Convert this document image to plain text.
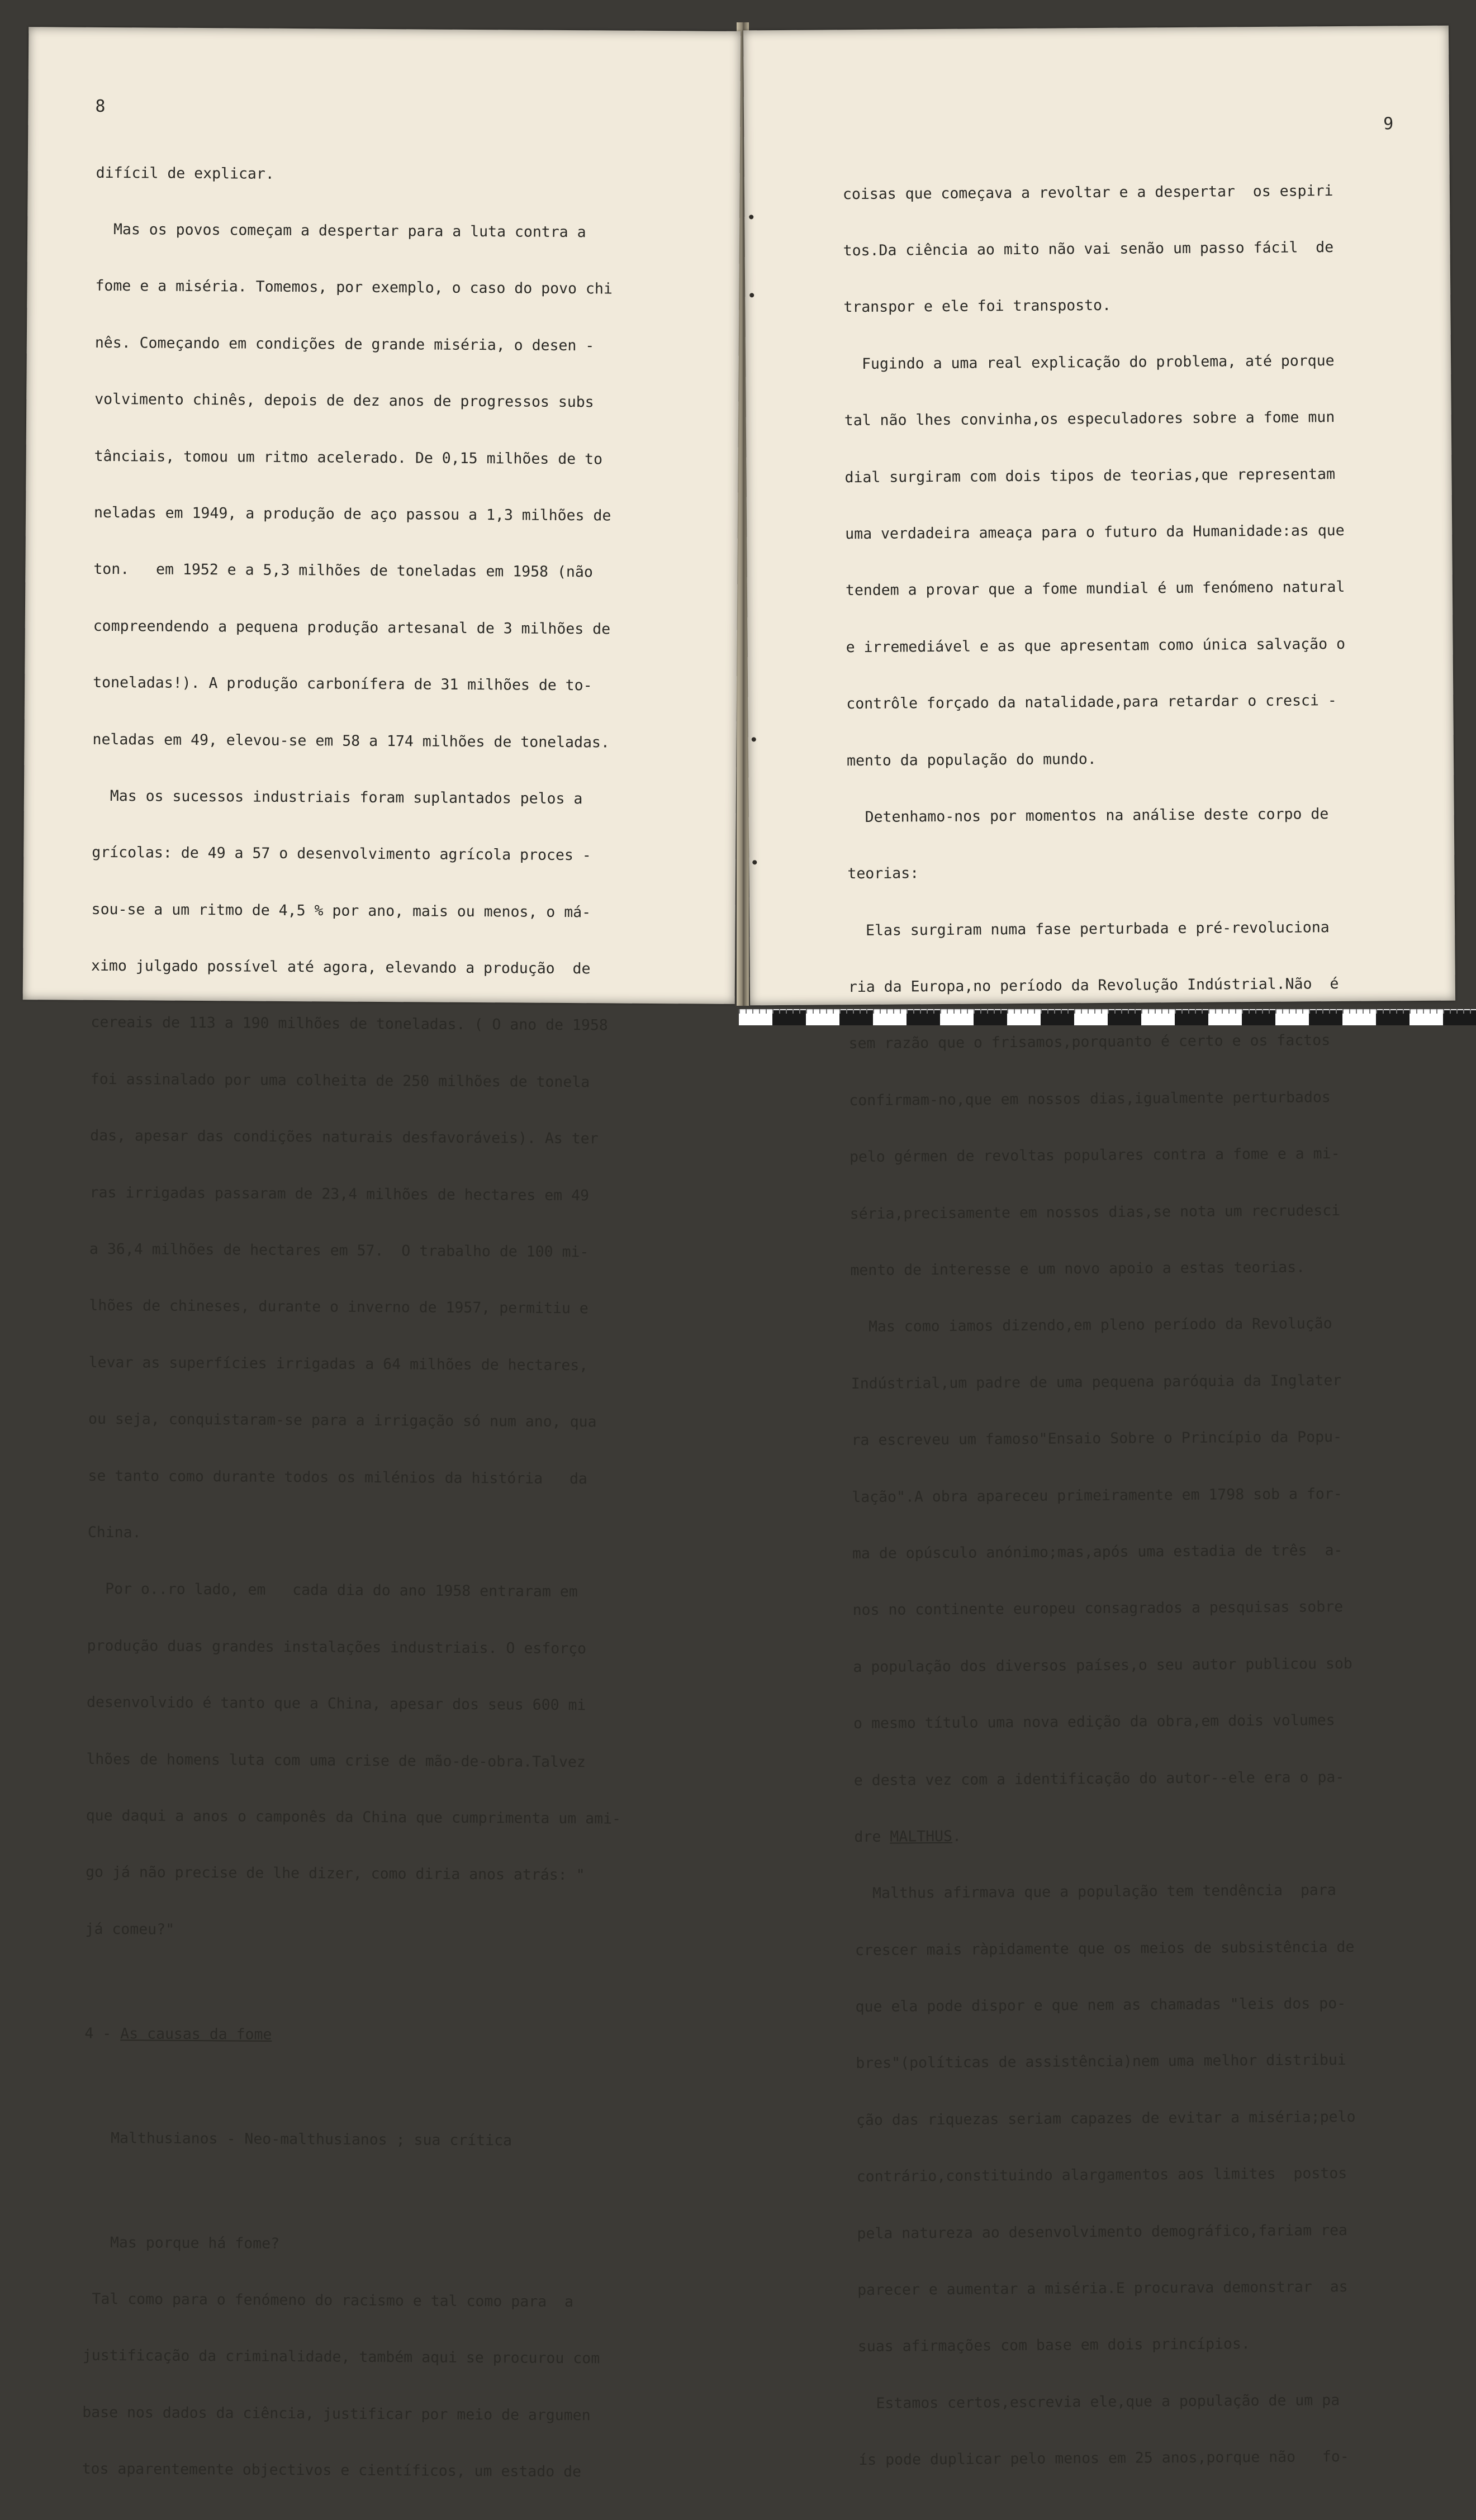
8

difícil de explicar.

Mas os povos começam a despertar para a luta contra a

fome e a miséria. Tomemos, por exemplo, o caso do povo chi

nês. Começando em condições de grande miséria, o desen -

volvimento chinês, depois de dez anos de progressos subs

tânciais, tomou um ritmo acelerado. De 0,15 milhões de to

neladas em 1949, a produção de aço passou a 1,3 milhões de

ton.   em 1952 e a 5,3 milhões de toneladas em 1958 (não

compreendendo a pequena produção artesanal de 3 milhões de

toneladas!). A produção carbonífera de 31 milhões de to-

neladas em 49, elevou-se em 58 a 174 milhões de toneladas.

Mas os sucessos industriais foram suplantados pelos a

grícolas: de 49 a 57 o desenvolvimento agrícola proces -

sou-se a um ritmo de 4,5 % por ano, mais ou menos, o má-

ximo julgado possível até agora, elevando a produção  de

cereais de 113 a 190 milhões de toneladas. ( O ano de 1958

foi assinalado por uma colheita de 250 milhões de tonela

das, apesar das condições naturais desfavoráveis). As ter

ras irrigadas passaram de 23,4 milhões de hectares em 49

a 36,4 milhões de hectares em 57.  O trabalho de 100 mi-

lhões de chineses, durante o inverno de 1957, permitiu e

levar as superfícies irrigadas a 64 milhões de hectares,

ou seja, conquistaram-se para a irrigação só num ano, qua

se tanto como durante todos os milénios da história   da

China.

Por o..ro lado, em   cada dia do ano 1958 entraram em

produção duas grandes instalações industriais. O esforço

desenvolvido é tanto que a China, apesar dos seus 600 mi

lhões de homens luta com uma crise de mão-de-obra.Talvez

que daqui a anos o camponês da China que cumprimenta um ami-

go já não precise de lhe dizer, como diria anos atrás: "

já comeu?"

4 - As causas da fome

Malthusianos - Neo-malthusianos ; sua crítica

Mas porque há fome?

Tal como para o fenómeno do racismo e tal como para  a

justificação da criminalidade, também aqui se procurou com

base nos dados da ciência, justificar por meio de argumen

tos aparentemente objectivos e científicos, um estado de

9

coisas que começava a revoltar e a despertar  os espiri

tos.Da ciência ao mito não vai senão um passo fácil  de

transpor e ele foi transposto.

Fugindo a uma real explicação do problema, até porque

tal não lhes convinha,os especuladores sobre a fome mun

dial surgiram com dois tipos de teorias,que representam

uma verdadeira ameaça para o futuro da Humanidade:as que

tendem a provar que a fome mundial é um fenómeno natural

e irremediável e as que apresentam como única salvação o

contrôle forçado da natalidade,para retardar o cresci -

mento da população do mundo.

Detenhamo-nos por momentos na análise deste corpo de

teorias:

Elas surgiram numa fase perturbada e pré-revoluciona

ria da Europa,no período da Revolução Indústrial.Não  é

sem razão que o frisamos,porquanto é certo e os factos

confirmam-no,que em nossos dias,igualmente perturbados

pelo gérmen de revoltas populares contra a fome e a mi-

séria,precisamente em nossos dias,se nota um recrudesci

mento de interesse e um novo apoio a estas teorias.

Mas como iamos dizendo,em pleno período da Revolução

Indústrial,um padre de uma pequena paróquia da Inglater

ra escreveu um famoso"Ensaio Sobre o Princípio da Popu-

lação".A obra apareceu primeiramente em 1798 sob a for-

ma de opúsculo anónimo;mas,após uma estadia de três  a-

nos no continente europeu consagrados a pesquisas sobre

a população dos diversos países,o seu autor publicou sob

o mesmo título uma nova edição da obra,em dois volumes

e desta vez com a identificação do autor--ele era o pa-

dre MALTHUS.

Malthus afirmava que a população tem tendência  para

crescer mais ràpidamente que os meios de subsistência de

que ela pode dispor e que nem as chamadas "leis dos po-

bres"(políticas de assistência)nem uma melhor distribui

ção das riquezas seriam capazes de evitar a miséria;pelo

contrário,constituindo alargamentos aos limites  postos

pela natureza ao desenvolvimento demográfico,fariam rea

parecer e aumentar a miséria.E procurava demonstrar  as

suas afirmações com base em dois princípios.

Estamos certos,escrevia ele,que a população de um pa

ís pode duplicar pelo menos em 25 anos,porque não   fo-
